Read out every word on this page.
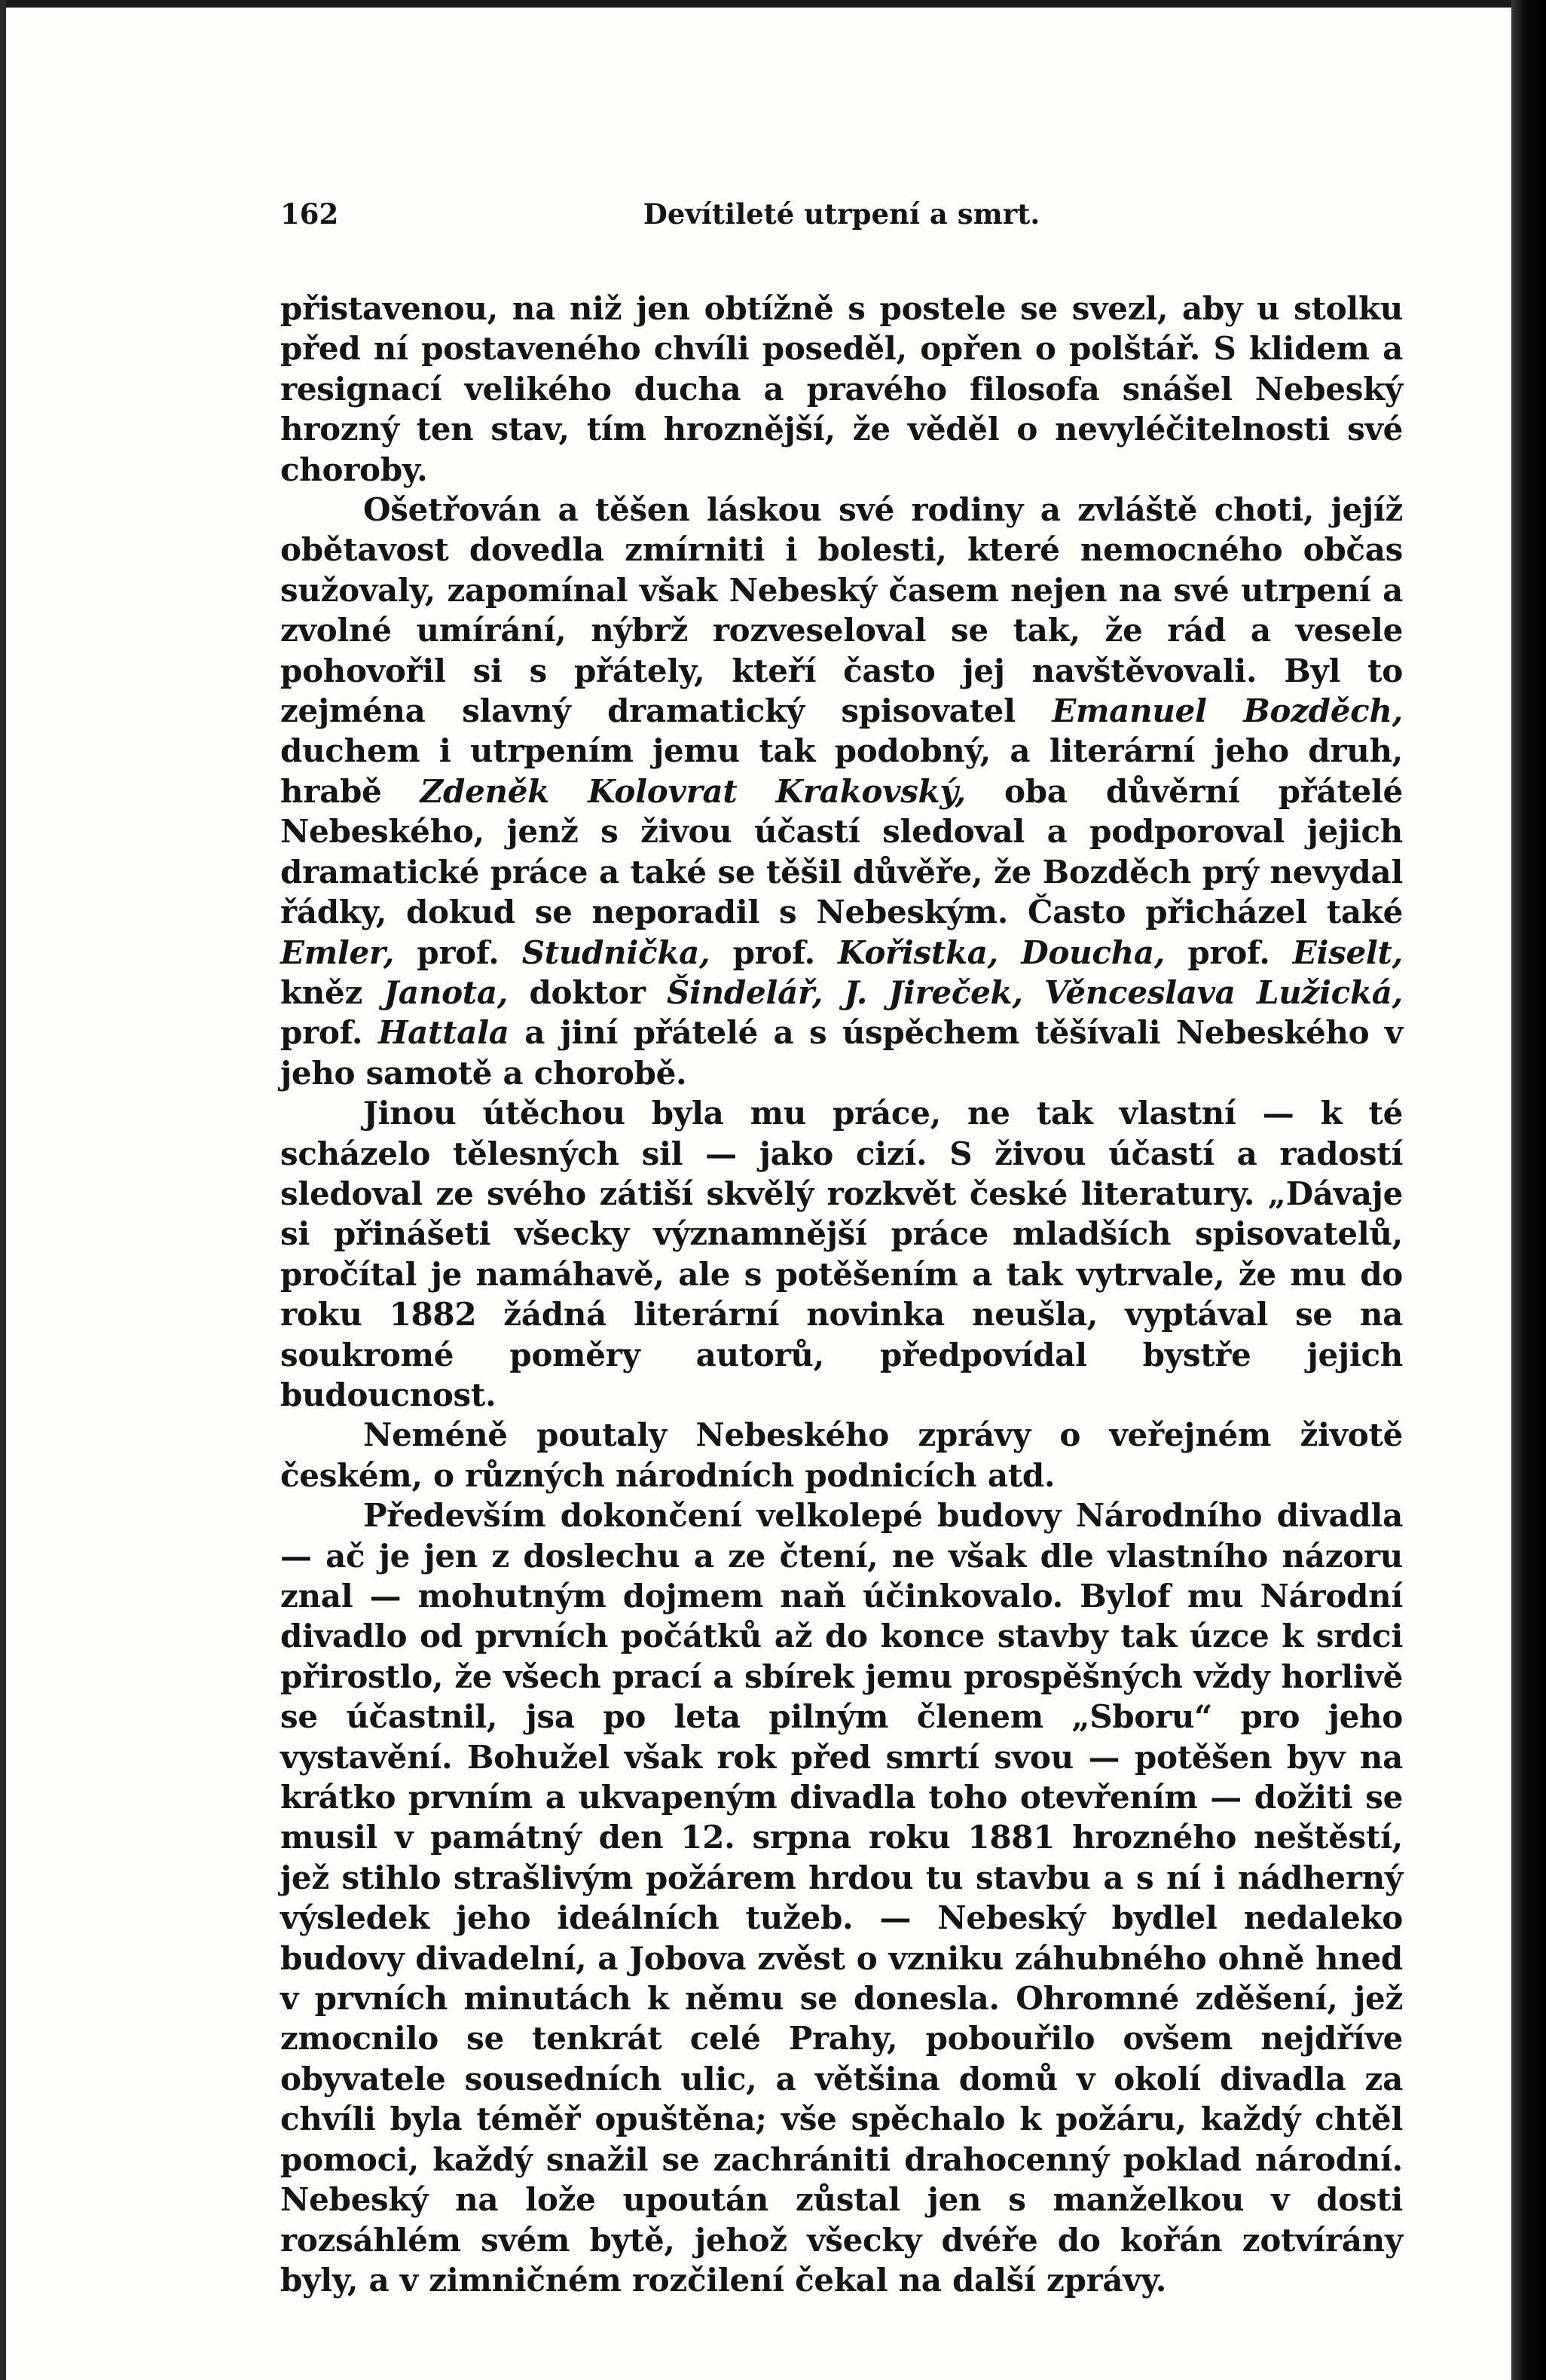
162	Devítileté utrpení a smrt.

přistavenou, na niž jen obtížně s postele se svezl, aby u stolku před ní postaveného chvíli poseděl, opřen o polštář. S klidem a resignací velikého ducha a pravého filosofa snášel Nebeský hrozný ten stav, tím hroznější, že věděl o nevyléčitelnosti své choroby.

Ošetřován a těšen láskou své rodiny a zvláště choti, jejíž obětavost dovedla zmírniti i bolesti, které nemocného občas sužovaly, zapomínal však Nebeský časem nejen na své utrpení a zvolné umírání, nýbrž rozveseloval se tak, že rád a vesele pohovořil si s přátely, kteří často jej navštěvovali. Byl to zejména slavný dramatický spisovatel Emanuel Bozděch, duchem i utrpením jemu tak podobný, a literární jeho druh, hrabě Zdeněk Kolovrat Krakovský, oba důvěrní přátelé Nebeského, jenž s živou účastí sledoval a podporoval jejich dramatické práce a také se těšil důvěře, že Bozděch prý nevydal řádky, dokud se neporadil s Nebeským. Často přicházel také Emler, prof. Studnička, prof. Kořistka, Doucha, prof. Eiselt, kněz Janota, doktor Šindelář, J. Jireček, Věnceslava Lužická, prof. Hattala a jiní přátelé a s úspěchem těšívali Nebeského v jeho samotě a chorobě.

Jinou útěchou byla mu práce, ne tak vlastní — k té scházelo tělesných sil — jako cizí. S živou účastí a radostí sledoval ze svého zátiší skvělý rozkvět české literatury. „Dávaje si přinášeti všecky významnější práce mladších spisovatelů, pročítal je namáhavě, ale s potěšením a tak vytrvale, že mu do roku 1882 žádná literární novinka neušla, vyptával se na soukromé poměry autorů, předpovídal bystře jejich budoucnost.

Neméně poutaly Nebeského zprávy o veřejném životě českém, o různých národních podnicích atd.

Především dokončení velkolepé budovy Národního divadla — ač je jen z doslechu a ze čtení, ne však dle vlastního názoru znal — mohutným dojmem naň účinkovalo. Bylof mu Národní divadlo od prvních počátků až do konce stavby tak úzce k srdci přirostlo, že všech prací a sbírek jemu prospěšných vždy horlivě se účastnil, jsa po leta pilným členem „Sboru“ pro jeho vystavění. Bohužel však rok před smrtí svou — potěšen byv na krátko prvním a ukvapeným divadla toho otevřením — dožiti se musil v památný den 12. srpna roku 1881 hrozného neštěstí, jež stihlo strašlivým požárem hrdou tu stavbu a s ní i nádherný výsledek jeho ideálních tužeb. — Nebeský bydlel nedaleko budovy divadelní, a Jobova zvěst o vzniku záhubného ohně hned v prvních minutách k němu se donesla. Ohromné zděšení, jež zmocnilo se tenkrát celé Prahy, pobouřilo ovšem nejdříve obyvatele sousedních ulic, a většina domů v okolí divadla za chvíli byla téměř opuštěna; vše spěchalo k požáru, každý chtěl pomoci, každý snažil se zachrániti drahocenný poklad národní. Nebeský na lože upoután zůstal jen s manželkou v dosti rozsáhlém svém bytě, jehož všecky dvéře do kořán zotvírány byly, a v zimničném rozčilení čekal na další zprávy.
